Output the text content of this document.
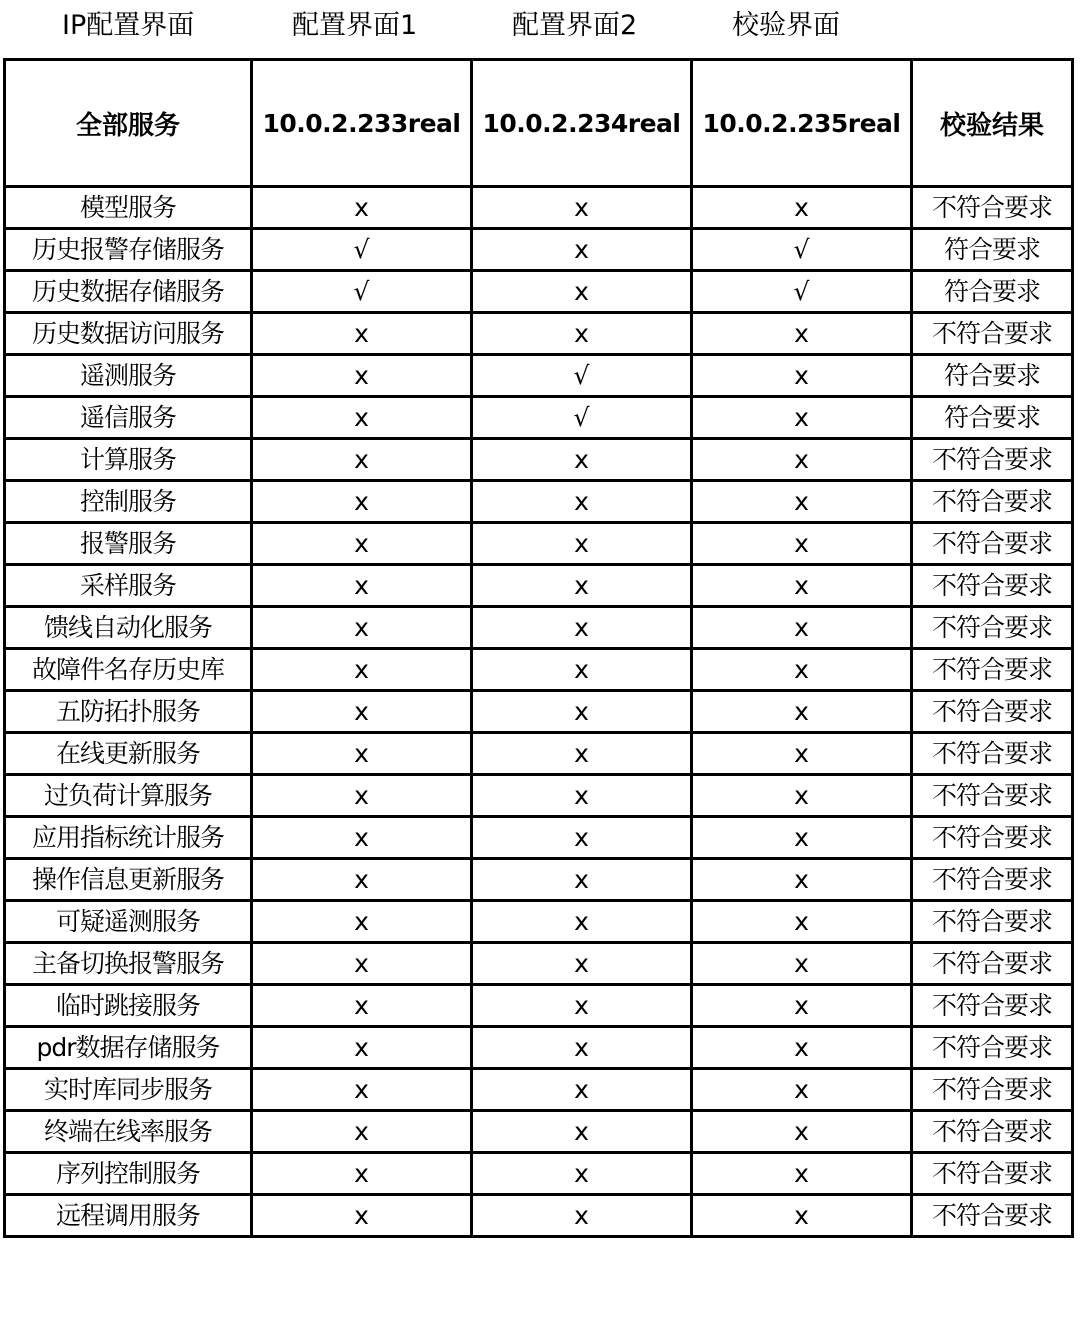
IP配置界面	配置界面1	配置界面2	校验界面
全部服务	10.0.2.233real	10.0.2.234real	10.0.2.235real	校验结果
模型服务	x	x	x	不符合要求
历史报警存储服务	√	x	√	符合要求
历史数据存储服务	√	x	√	符合要求
历史数据访问服务	x	x	x	不符合要求
遥测服务	x	√	x	符合要求
遥信服务	x	√	x	符合要求
计算服务	x	x	x	不符合要求
控制服务	x	x	x	不符合要求
报警服务	x	x	x	不符合要求
采样服务	x	x	x	不符合要求
馈线自动化服务	x	x	x	不符合要求
故障件名存历史库	x	x	x	不符合要求
五防拓扑服务	x	x	x	不符合要求
在线更新服务	x	x	x	不符合要求
过负荷计算服务	x	x	x	不符合要求
应用指标统计服务	x	x	x	不符合要求
操作信息更新服务	x	x	x	不符合要求
可疑遥测服务	x	x	x	不符合要求
主备切换报警服务	x	x	x	不符合要求
临时跳接服务	x	x	x	不符合要求
pdr数据存储服务	x	x	x	不符合要求
实时库同步服务	x	x	x	不符合要求
终端在线率服务	x	x	x	不符合要求
序列控制服务	x	x	x	不符合要求
远程调用服务	x	x	x	不符合要求
